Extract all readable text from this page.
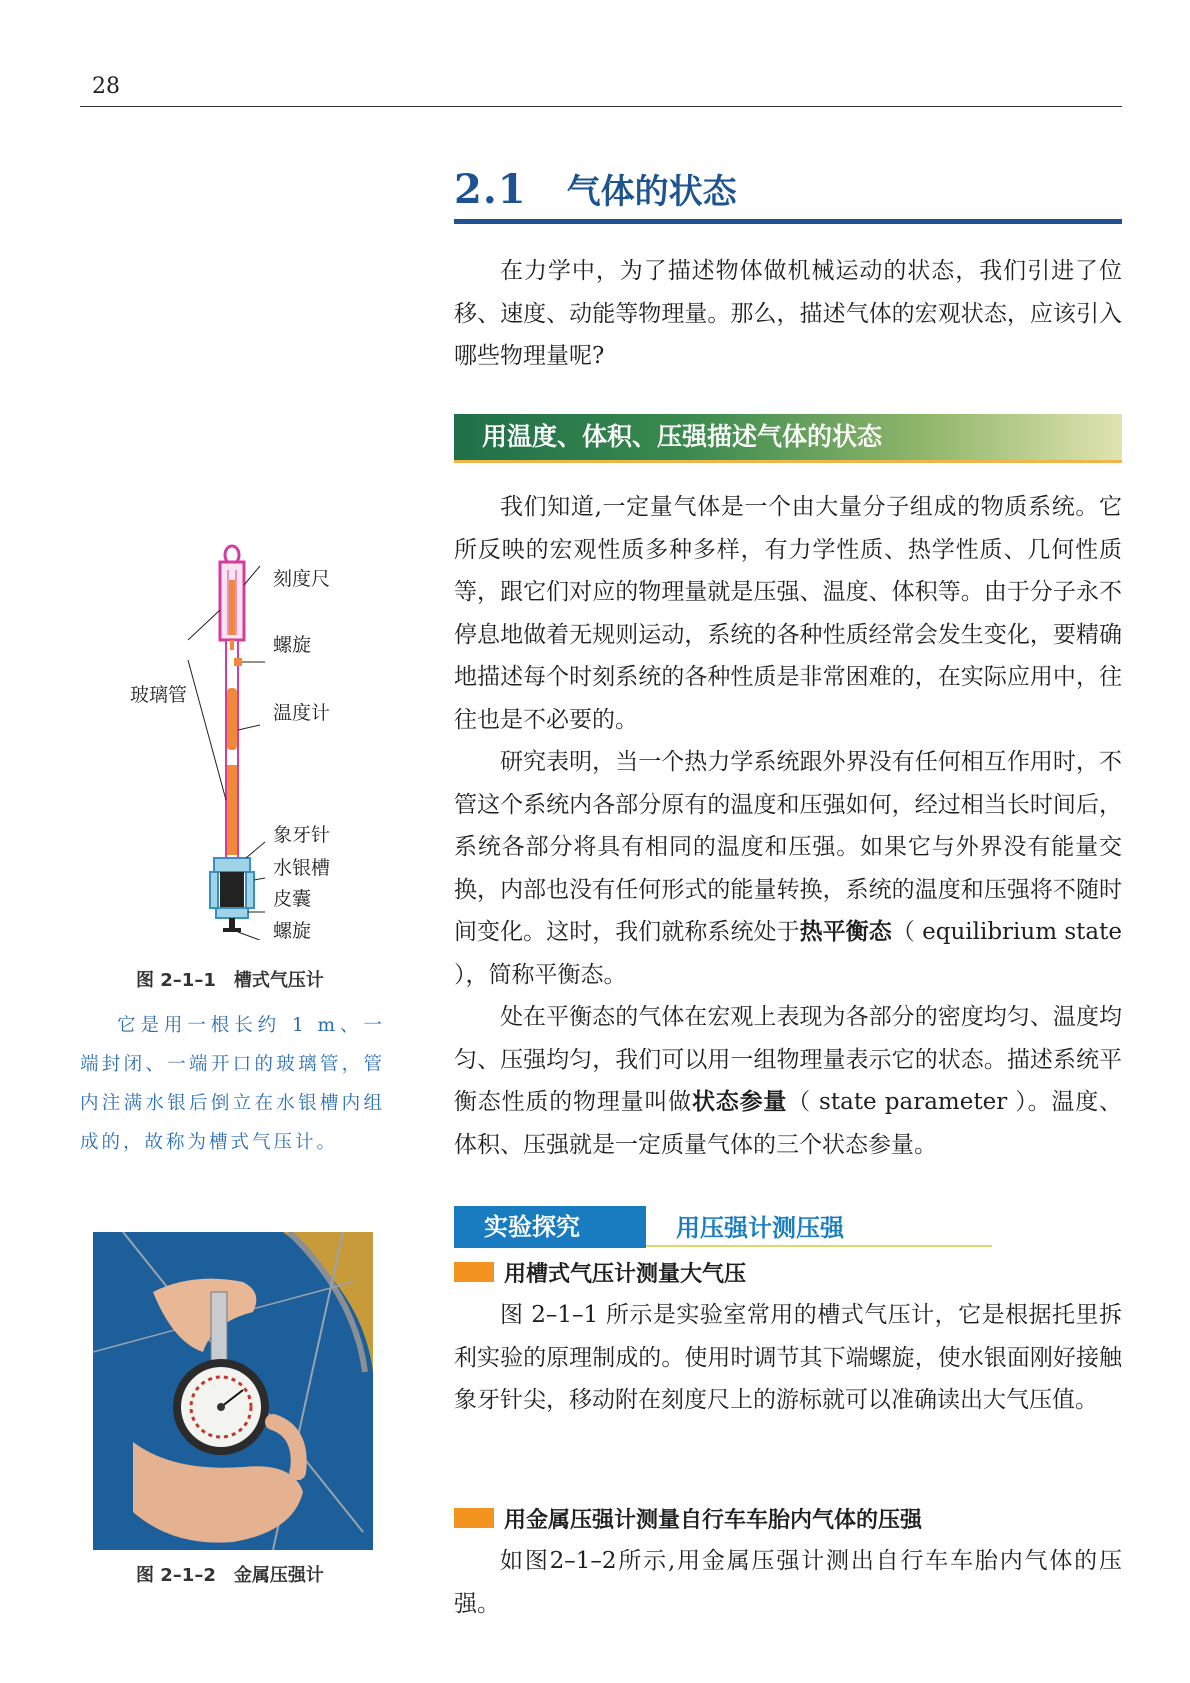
28
2.1 气体的状态

在力学中，为了描述物体做机械运动的状态，我们引进了位移、速度、动能等物理量。那么，描述气体的宏观状态，应该引入哪些物理量呢?

用温度、体积、压强描述气体的状态

我们知道,一定量气体是一个由大量分子组成的物质系统。它所反映的宏观性质多种多样，有力学性质、热学性质、几何性质等，跟它们对应的物理量就是压强、温度、体积等。由于分子永不停息地做着无规则运动，系统的各种性质经常会发生变化，要精确地描述每个时刻系统的各种性质是非常困难的，在实际应用中，往往也是不必要的。

研究表明，当一个热力学系统跟外界没有任何相互作用时，不管这个系统内各部分原有的温度和压强如何，经过相当长时间后，系统各部分将具有相同的温度和压强。如果它与外界没有能量交换，内部也没有任何形式的能量转换，系统的温度和压强将不随时间变化。这时，我们就称系统处于热平衡态（ equilibrium state ），简称平衡态。

处在平衡态的气体在宏观上表现为各部分的密度均匀、温度均匀、压强均匀，我们可以用一组物理量表示它的状态。描述系统平衡态性质的物理量叫做状态参量（ state parameter ）。温度、体积、压强就是一定质量气体的三个状态参量。

实验探究	用压强计测压强
用槽式气压计测量大气压

图 2–1–1 所示是实验室常用的槽式气压计，它是根据托里拆利实验的原理制成的。使用时调节其下端螺旋，使水银面刚好接触象牙针尖，移动附在刻度尺上的游标就可以准确读出大气压值。

用金属压强计测量自行车车胎内气体的压强

如图2–1–2所示,用金属压强计测出自行车车胎内气体的压强。

刻度尺
螺旋
玻璃管
温度计
象牙针
水银槽
皮囊
螺旋
图 2–1–1　槽式气压计

它是用一根长约 1 m、一端封闭、一端开口的玻璃管，管内注满水银后倒立在水银槽内组成的，故称为槽式气压计。

图 2–1–2　金属压强计
